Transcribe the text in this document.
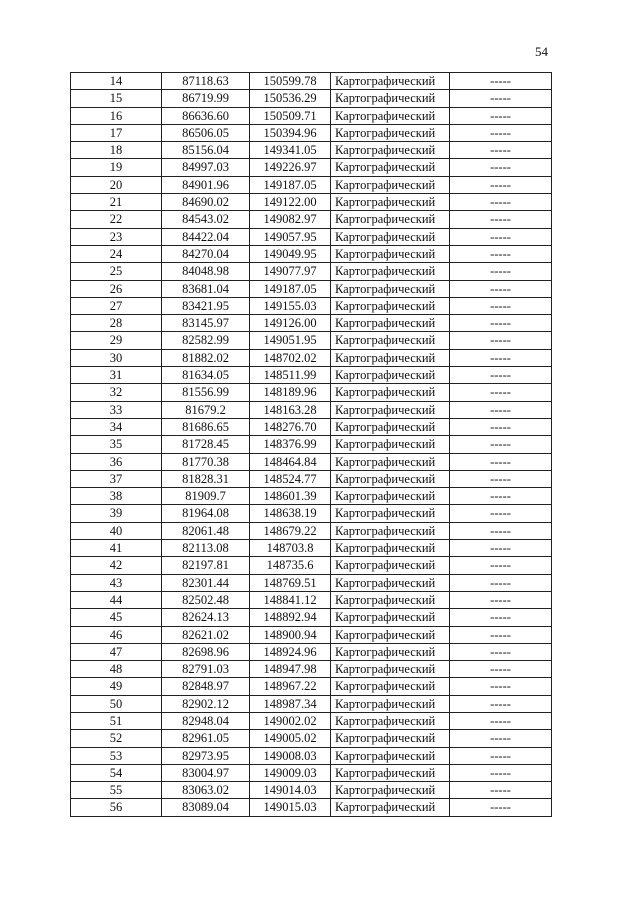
54
14	87118.63	150599.78	Картографический	-----
15	86719.99	150536.29	Картографический	-----
16	86636.60	150509.71	Картографический	-----
17	86506.05	150394.96	Картографический	-----
18	85156.04	149341.05	Картографический	-----
19	84997.03	149226.97	Картографический	-----
20	84901.96	149187.05	Картографический	-----
21	84690.02	149122.00	Картографический	-----
22	84543.02	149082.97	Картографический	-----
23	84422.04	149057.95	Картографический	-----
24	84270.04	149049.95	Картографический	-----
25	84048.98	149077.97	Картографический	-----
26	83681.04	149187.05	Картографический	-----
27	83421.95	149155.03	Картографический	-----
28	83145.97	149126.00	Картографический	-----
29	82582.99	149051.95	Картографический	-----
30	81882.02	148702.02	Картографический	-----
31	81634.05	148511.99	Картографический	-----
32	81556.99	148189.96	Картографический	-----
33	81679.2	148163.28	Картографический	-----
34	81686.65	148276.70	Картографический	-----
35	81728.45	148376.99	Картографический	-----
36	81770.38	148464.84	Картографический	-----
37	81828.31	148524.77	Картографический	-----
38	81909.7	148601.39	Картографический	-----
39	81964.08	148638.19	Картографический	-----
40	82061.48	148679.22	Картографический	-----
41	82113.08	148703.8	Картографический	-----
42	82197.81	148735.6	Картографический	-----
43	82301.44	148769.51	Картографический	-----
44	82502.48	148841.12	Картографический	-----
45	82624.13	148892.94	Картографический	-----
46	82621.02	148900.94	Картографический	-----
47	82698.96	148924.96	Картографический	-----
48	82791.03	148947.98	Картографический	-----
49	82848.97	148967.22	Картографический	-----
50	82902.12	148987.34	Картографический	-----
51	82948.04	149002.02	Картографический	-----
52	82961.05	149005.02	Картографический	-----
53	82973.95	149008.03	Картографический	-----
54	83004.97	149009.03	Картографический	-----
55	83063.02	149014.03	Картографический	-----
56	83089.04	149015.03	Картографический	-----
